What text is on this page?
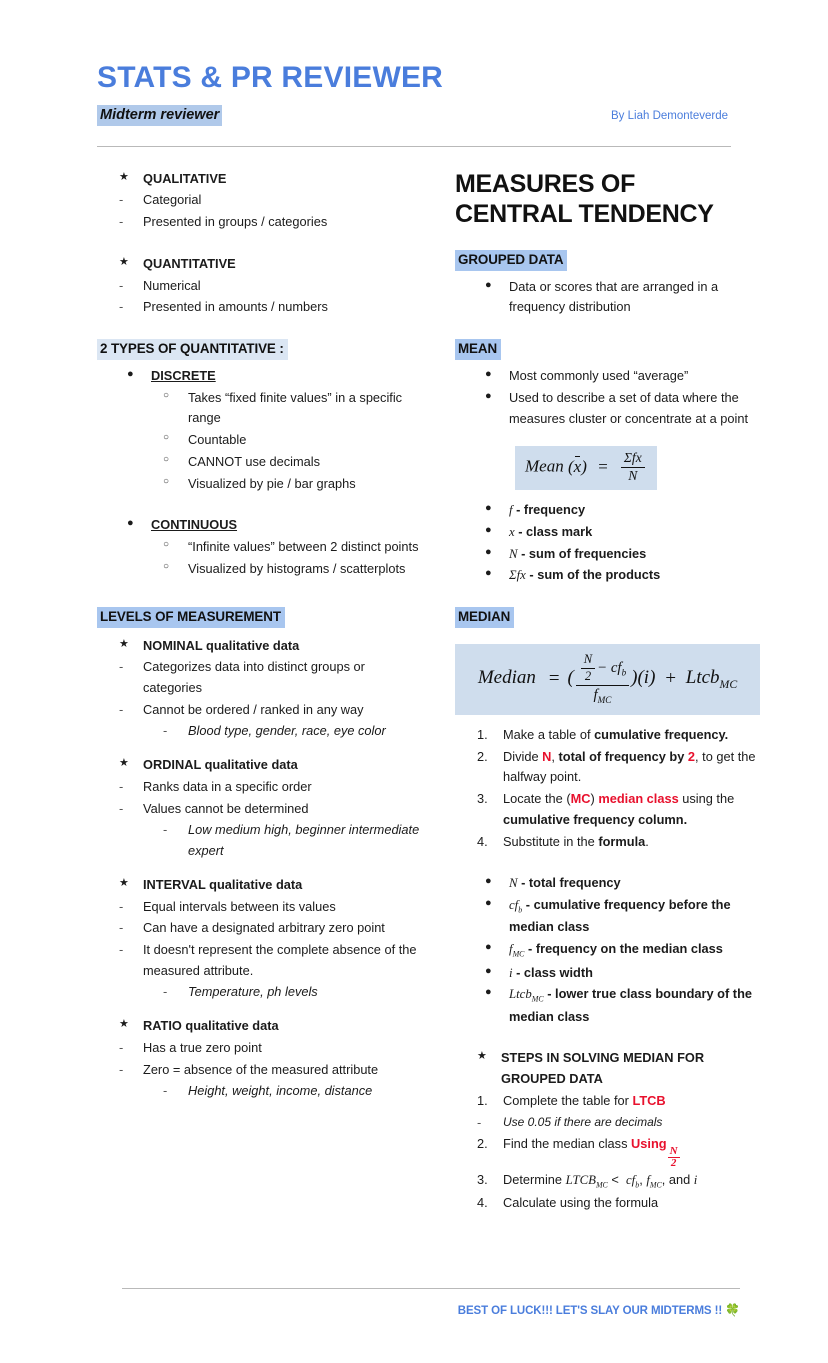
STATS & PR REVIEWER
Midterm reviewer	By Liah Demonteverde
★	QUALITATIVE
-	Categorial
-	Presented in groups / categories
★	QUANTITATIVE
-	Numerical
-	Presented in amounts / numbers
2 TYPES OF QUANTITATIVE :
●	DISCRETE
○	Takes “fixed finite values” in a specific range
○	Countable
○	CANNOT use decimals
○	Visualized by pie / bar graphs
●	CONTINUOUS
○	“Infinite values” between 2 distinct points
○	Visualized by histograms / scatterplots
LEVELS OF MEASUREMENT
★	NOMINAL qualitative data
-	Categorizes data into distinct groups or categories
-	Cannot be ordered / ranked in any way
-	Blood type, gender, race, eye color
★	ORDINAL qualitative data
-	Ranks data in a specific order
-	Values cannot be determined
-	Low medium high, beginner intermediate expert
★	INTERVAL qualitative data
-	Equal intervals between its values
-	Can have a designated arbitrary zero point
-	It doesn't represent the complete absence of the measured attribute.
-	Temperature, ph levels
★	RATIO qualitative data
-	Has a true zero point
-	Zero = absence of the measured attribute
-	Height, weight, income, distance
MEASURES OF
CENTRAL TENDENCY
GROUPED DATA
●	Data or scores that are arranged in a frequency distribution
MEAN
●	Most commonly used “average”
●	Used to describe a set of data where the measures cluster or concentrate at a point
Mean $(x) = \frac{\text{Σfx}}{N}$
●	f - frequency
●	x - class mark
●	N - sum of frequencies
●	Σfx - sum of the products
MEDIAN
Median = ( $\frac{\frac{N}{2} - cf_b}{f_{MC}} )(i)$ + Ltcb$_{MC}$
1.	Make a table of cumulative frequency.
2.	Divide N, total of frequency by 2, to get the halfway point.
3.	Locate the (MC) median class using the cumulative frequency column.
4.	Substitute in the formula.
●	N - total frequency
●	$cf_b$ - cumulative frequency before the median class
●	$f_{MC}$ - frequency on the median class
●	i - class width
●	Ltcb$_{MC}$ - lower true class boundary of the median class
★	STEPS IN SOLVING MEDIAN FOR
GROUPED DATA
1.	Complete the table for LTCB
-	Use 0.05 if there are decimals
2.	Find the median class Using
$\frac{N}{2}$
3.	Determine $LTCB_{MC} < cf_b$, $f_{MC}$, and i
4.	Calculate using the formula
BEST OF LUCK!!! LET'S SLAY OUR MIDTERMS !! 🍀
